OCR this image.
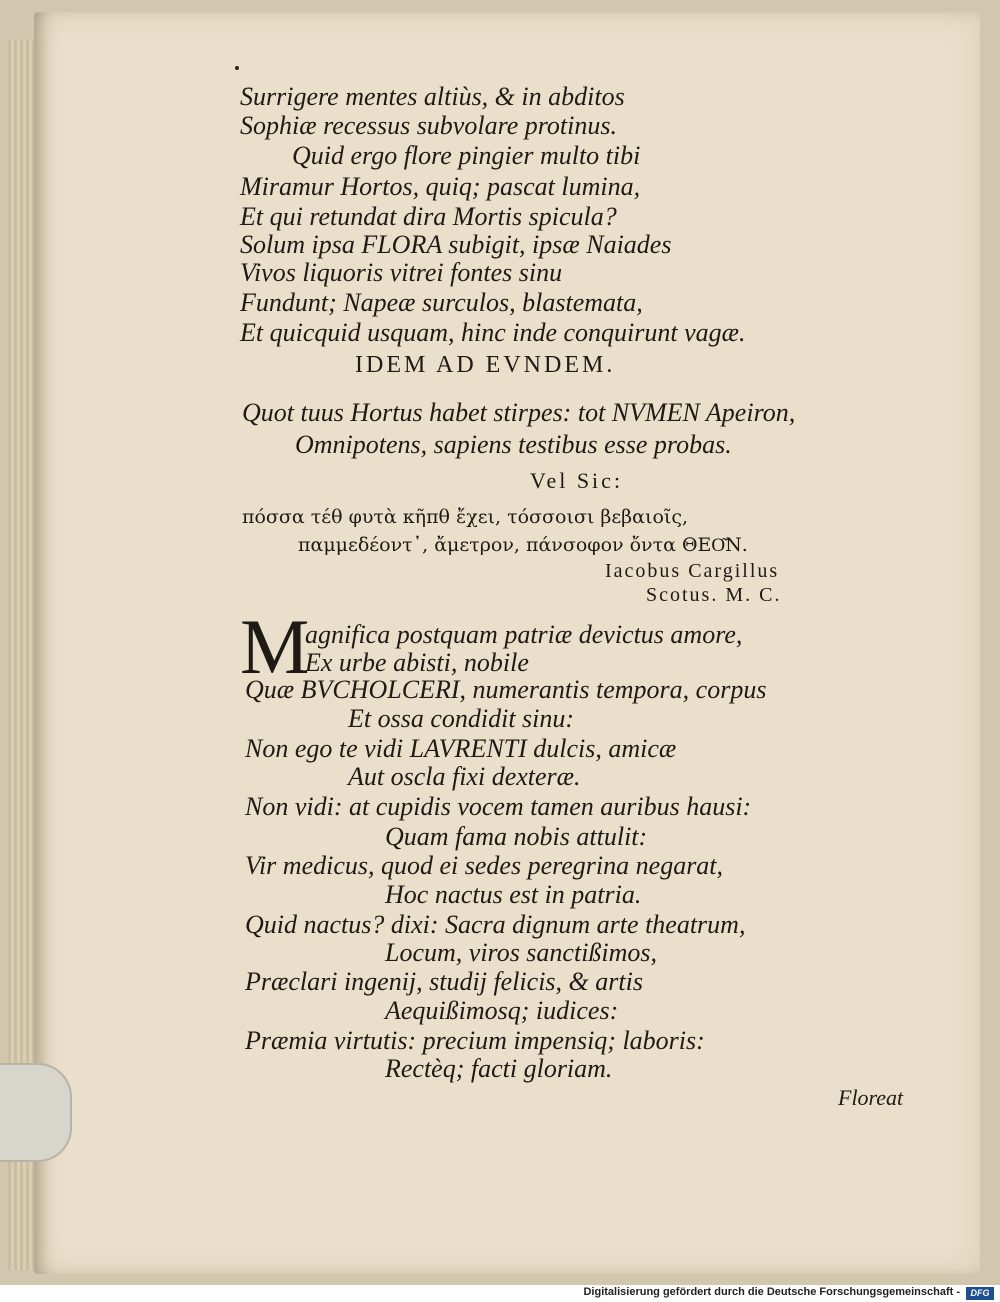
Surrigere mentes altiùs, & in abditos
Sophiæ recessus subvolare protinus.
Quid ergo flore pingier multo tibi
Miramur Hortos, quiq; pascat lumina,
Et qui retundat dira Mortis spicula?
Solum ipsa FLORA subigit, ipsæ Naiades
Vivos liquoris vitrei fontes sinu
Fundunt; Napeæ surculos, blastemata,
Et quicquid usquam, hinc inde conquirunt vagæ.
IDEM AD EVNDEM.
Quot tuus Hortus habet stirpes: tot NVMEN Apeiron,
Omnipotens, sapiens testibus esse probas.
Vel Sic:
πόσσα τέθ φυτὰ κῆπθ ἔχει, τόσσοισι βεβαιοῖς,
παμμεδέοντ᾽, ἄμετρον, πάνσοφον ὄντα ΘΕΟ͂Ν.
Iacobus Cargillus
Scotus. M. C.
M
agnifica postquam patriæ devictus amore,
Ex urbe abisti, nobile
Quæ BVCHOLCERI, numerantis tempora, corpus
Et ossa condidit sinu:
Non ego te vidi LAVRENTI dulcis, amicæ
Aut oscla fixi dexteræ.
Non vidi: at cupidis vocem tamen auribus hausi:
Quam fama nobis attulit:
Vir medicus, quod ei sedes peregrina negarat,
Hoc nactus est in patria.
Quid nactus? dixi: Sacra dignum arte theatrum,
Locum, viros sanctißimos,
Præclari ingenij, studij felicis, & artis
Aequißimosq; iudices:
Præmia virtutis: precium impensiq; laboris:
Rectèq; facti gloriam.
Floreat
Digitalisierung gefördert durch die Deutsche Forschungsgemeinschaft -	DFG
